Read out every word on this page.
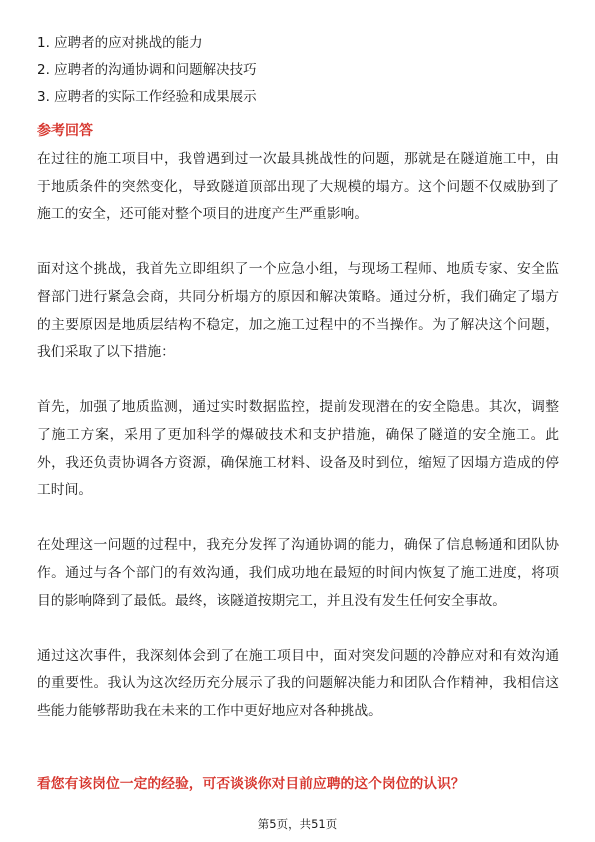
1. 应聘者的应对挑战的能力
2. 应聘者的沟通协调和问题解决技巧
3. 应聘者的实际工作经验和成果展示
参考回答

在过往的施工项目中，我曾遇到过一次最具挑战性的问题，那就是在隧道施工中，由于地质条件的突然变化，导致隧道顶部出现了大规模的塌方。这个问题不仅威胁到了施工的安全，还可能对整个项目的进度产生严重影响。

面对这个挑战，我首先立即组织了一个应急小组，与现场工程师、地质专家、安全监督部门进行紧急会商，共同分析塌方的原因和解决策略。通过分析，我们确定了塌方的主要原因是地质层结构不稳定，加之施工过程中的不当操作。为了解决这个问题，我们采取了以下措施：

首先，加强了地质监测，通过实时数据监控，提前发现潜在的安全隐患。其次，调整了施工方案，采用了更加科学的爆破技术和支护措施，确保了隧道的安全施工。此外，我还负责协调各方资源，确保施工材料、设备及时到位，缩短了因塌方造成的停工时间。

在处理这一问题的过程中，我充分发挥了沟通协调的能力，确保了信息畅通和团队协作。通过与各个部门的有效沟通，我们成功地在最短的时间内恢复了施工进度，将项目的影响降到了最低。最终，该隧道按期完工，并且没有发生任何安全事故。

通过这次事件，我深刻体会到了在施工项目中，面对突发问题的冷静应对和有效沟通的重要性。我认为这次经历充分展示了我的问题解决能力和团队合作精神，我相信这些能力能够帮助我在未来的工作中更好地应对各种挑战。

看您有该岗位一定的经验，可否谈谈你对目前应聘的这个岗位的认识？
第5页，共51页
